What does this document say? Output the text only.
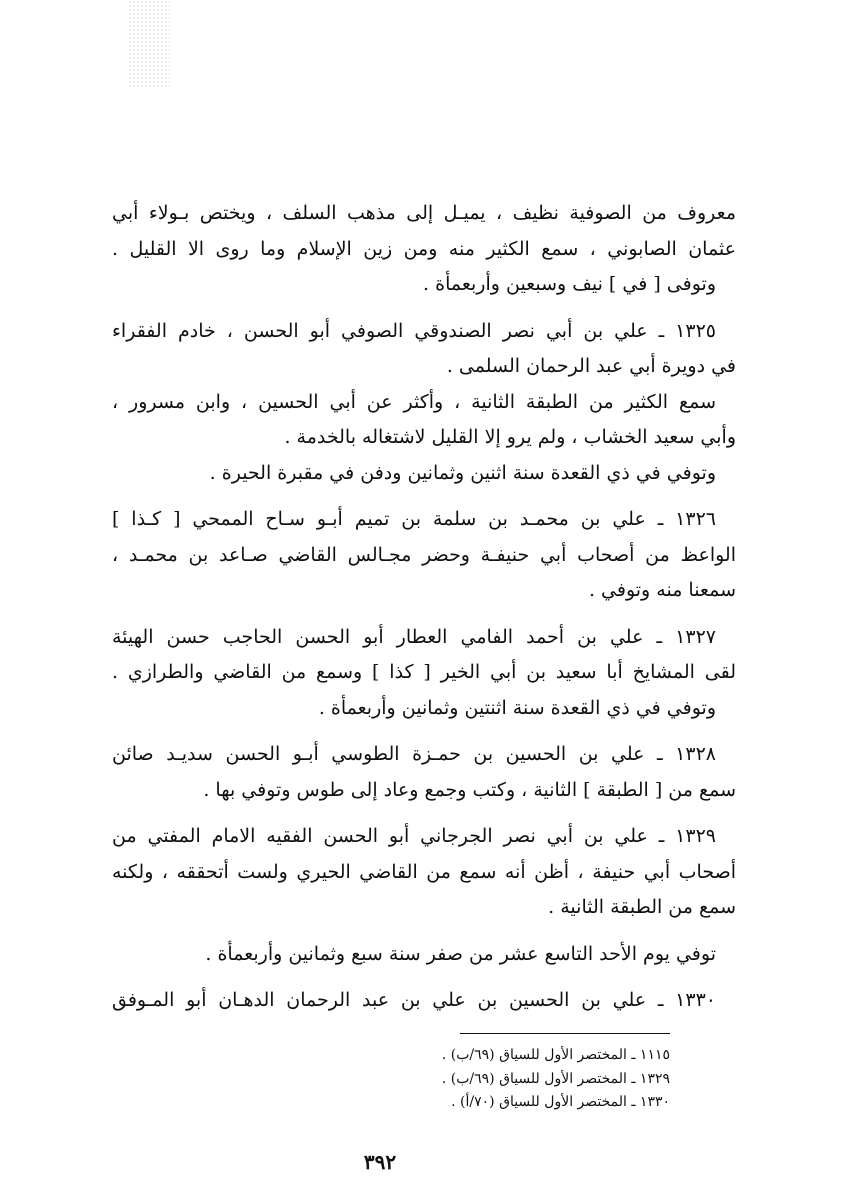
معروف من الصوفية نظيف ، يميـل إلى مذهب السلف ، ويختص بـولاء أبي
عثمان الصابوني ، سمع الكثير منه ومن زين الإسلام وما روى الا القليل .
وتوفى [ في ] نيف وسبعين وأربعمأة .
١٣٢٥ ـ علي بن أبي نصر الصندوقي الصوفي أبو الحسن ، خادم الفقراء
في دويرة أبي عبد الرحمان السلمى .
سمع الكثير من الطبقة الثانية ، وأكثر عن أبي الحسين ، وابن مسرور ،
وأبي سعيد الخشاب ، ولم يرو إلا القليل لاشتغاله بالخدمة .
وتوفي في ذي القعدة سنة اثنين وثمانين ودفن في مقبرة الحيرة .
١٣٢٦ ـ علي بن محمـد بن سلمة بن تميم أبـو سـاح الممحي [ كـذا ]
الواعظ من أصحاب أبي حنيفـة وحضر مجـالس القاضي صـاعد بن محمـد ،
سمعنا منه وتوفي .
١٣٢٧ ـ علي بن أحمد الفامي العطار أبو الحسن الحاجب حسن الهيئة
لقى المشايخ أبا سعيد بن أبي الخير [ كذا ] وسمع من القاضي والطرازي .
وتوفي في ذي القعدة سنة اثنتين وثمانين وأربعمأة .
١٣٢٨ ـ علي بن الحسين بن حمـزة الطوسي أبـو الحسن سديـد صائن
سمع من [ الطبقة ] الثانية ، وكتب وجمع وعاد إلى طوس وتوفي بها .
١٣٢٩ ـ علي بن أبي نصر الجرجاني أبو الحسن الفقيه الامام المفتي من
أصحاب أبي حنيفة ، أظن أنه سمع من القاضي الحيري ولست أتحققه ، ولكنه
سمع من الطبقة الثانية .
توفي يوم الأحد التاسع عشر من صفر سنة سبع وثمانين وأربعمأة .
١٣٣٠ ـ علي بن الحسين بن علي بن عبد الرحمان الدهـان أبو المـوفق
١١١٥ ـ المختصر الأول للسياق (٦٩/ب) .
١٣٢٩ ـ المختصر الأول للسياق (٦٩/ب) .
١٣٣٠ ـ المختصر الأول للسياق (٧٠/أ) .
٣٩٢
